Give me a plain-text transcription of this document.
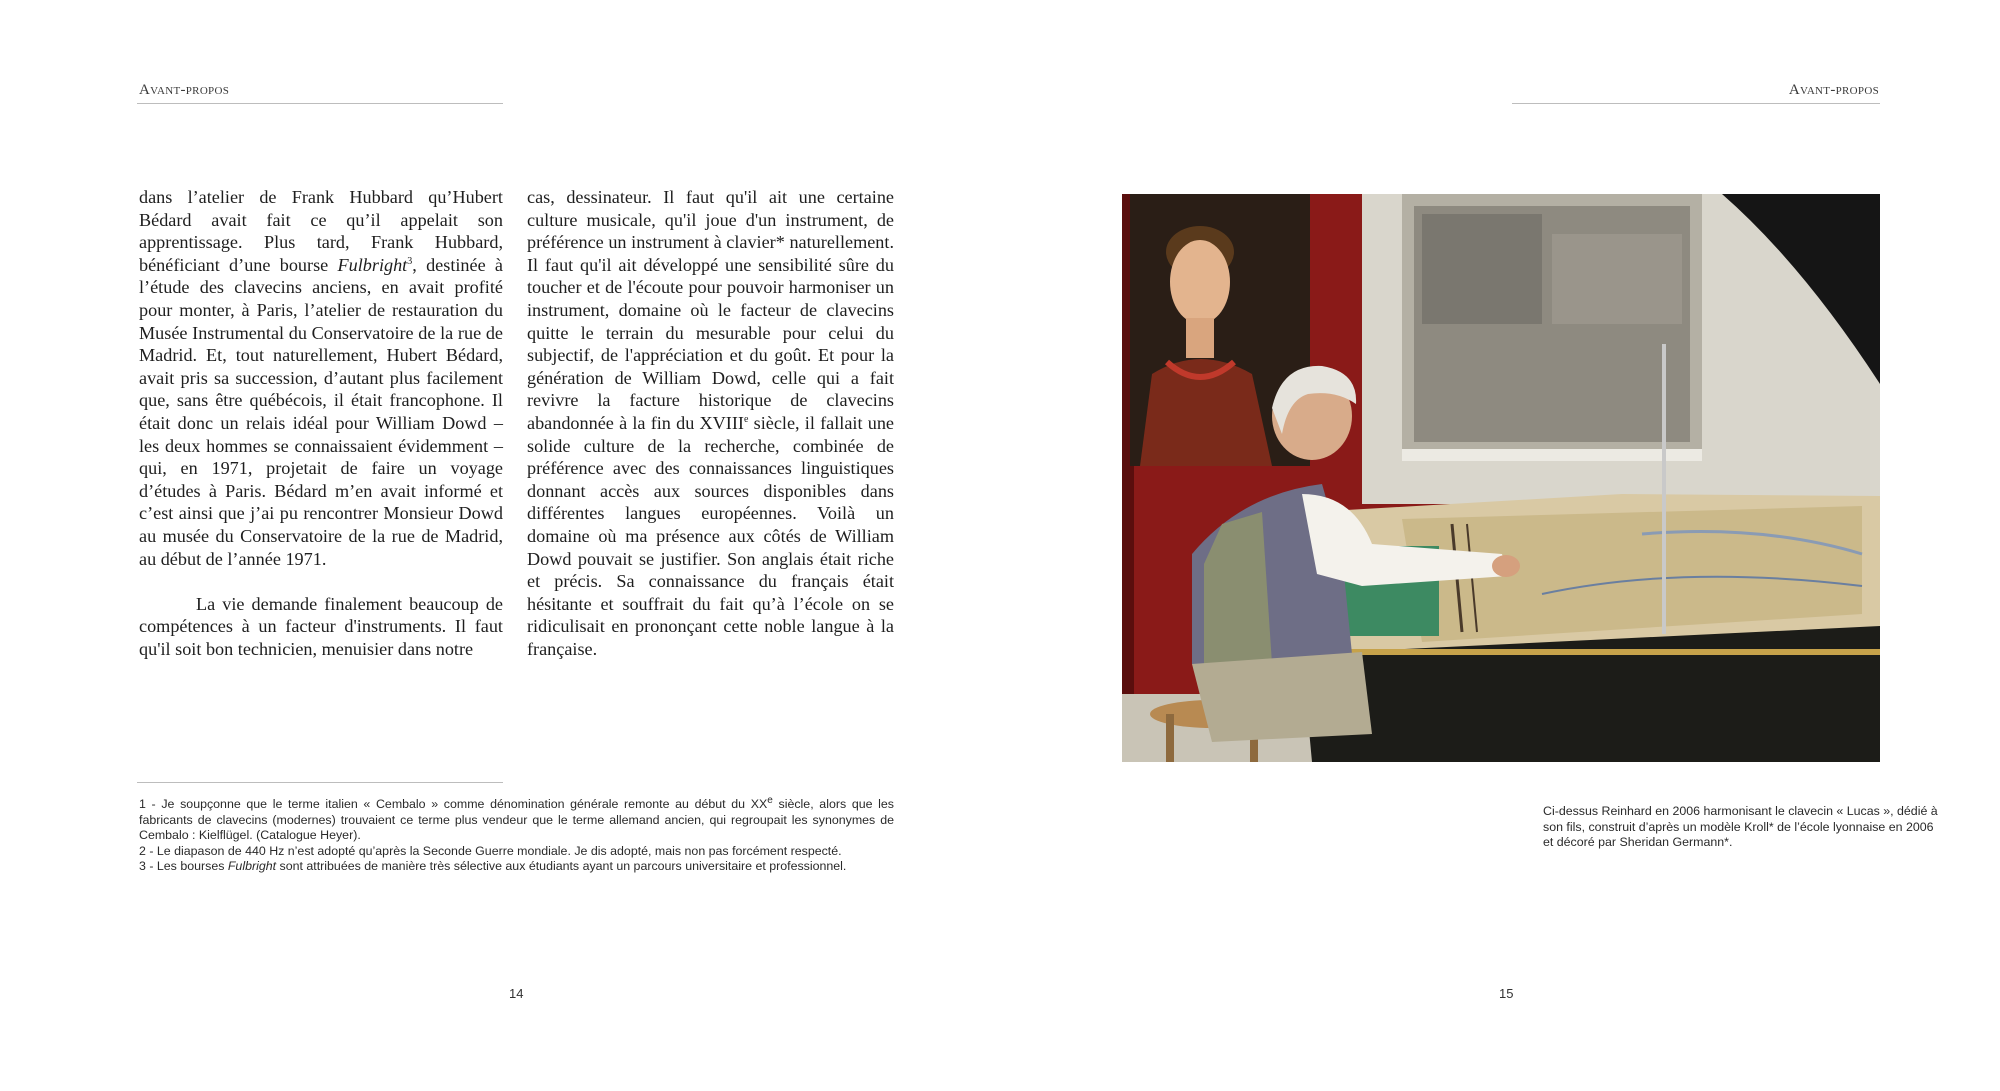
Avant-propos

dans l’atelier de Frank Hubbard qu’Hubert Bédard avait fait ce qu’il appelait son apprentissage. Plus tard, Frank Hubbard, bénéficiant d’une bourse Fulbright$^3$, destinée à l’étude des clavecins anciens, en avait profité pour monter, à Paris, l’atelier de restauration du Musée Instrumental du Conservatoire de la rue de Madrid. Et, tout naturellement, Hubert Bédard, avait pris sa succession, d’autant plus facilement que, sans être québécois, il était francophone. Il était donc un relais idéal pour William Dowd – les deux hommes se connaissaient évidemment – qui, en 1971, projetait de faire un voyage d’études à Paris. Bédard m’en avait informé et c’est ainsi que j’ai pu rencontrer Monsieur Dowd au musée du Conservatoire de la rue de Madrid, au début de l’année 1971.

La vie demande finalement beaucoup de compétences à un facteur d'instruments. Il faut qu'il soit bon technicien, menuisier dans notre

cas, dessinateur. Il faut qu'il ait une certaine culture musicale, qu'il joue d'un instrument, de préférence un instrument à clavier* naturellement. Il faut qu'il ait développé une sensibilité sûre du toucher et de l'écoute pour pouvoir harmoniser un instrument, domaine où le facteur de clavecins quitte le terrain du mesurable pour celui du subjectif, de l'appréciation et du goût. Et pour la génération de William Dowd, celle qui a fait revivre la facture historique de clavecins abandonnée à la fin du XVIIIe siècle, il fallait une solide culture de la recherche, combinée de préférence avec des connaissances linguistiques donnant accès aux sources disponibles dans différentes langues européennes. Voilà un domaine où ma présence aux côtés de William Dowd pouvait se justifier. Son anglais était riche et précis. Sa connaissance du français était hésitante et souffrait du fait qu’à l’école on se ridiculisait en prononçant cette noble langue à la française.

1 - Je soupçonne que le terme italien « Cembalo » comme dénomination générale remonte au début du XXe siècle, alors que les fabricants de clavecins (modernes) trouvaient ce terme plus vendeur que le terme allemand ancien, qui regroupait les synonymes de Cembalo : Kielflügel. (Catalogue Heyer).

2 - Le diapason de 440 Hz n’est adopté qu’après la Seconde Guerre mondiale. Je dis adopté, mais non pas forcément respecté.

3 - Les bourses Fulbright sont attribuées de manière très sélective aux étudiants ayant un parcours universitaire et professionnel.

14
Avant-propos

Ci-dessus Reinhard en 2006 harmonisant le clavecin « Lucas », dédié à son fils, construit d’après un modèle Kroll* de l’école lyonnaise en 2006 et décoré par Sheridan Germann*.

15
